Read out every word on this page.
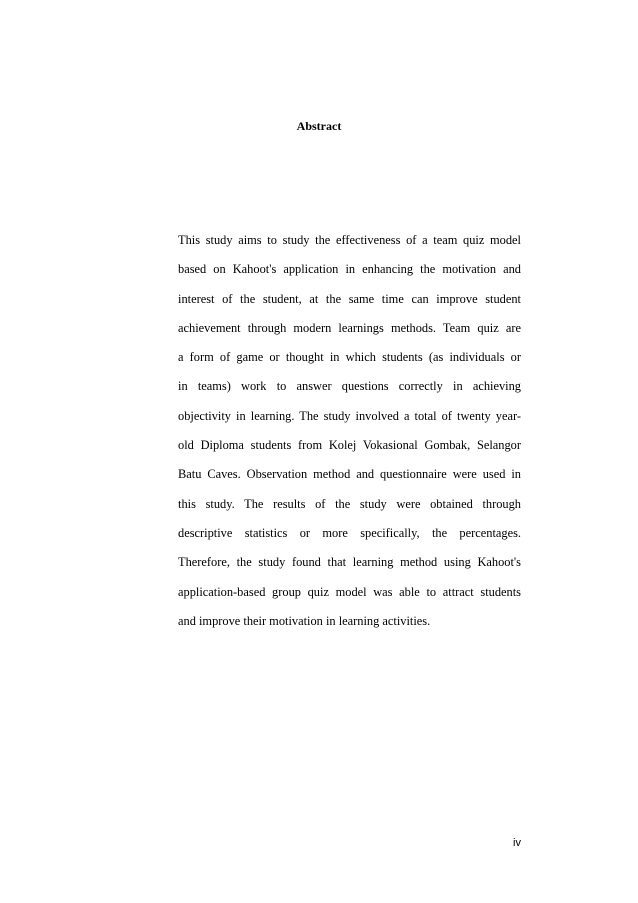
Abstract
This study aims to study the effectiveness of a team quiz model
based on Kahoot's application in enhancing the motivation and
interest of the student, at the same time can improve student
achievement through modern learnings methods. Team quiz are
a form of game or thought in which students (as individuals or
in teams) work to answer questions correctly in achieving
objectivity in learning. The study involved a total of twenty year-
old Diploma students from Kolej Vokasional Gombak, Selangor
Batu Caves. Observation method and questionnaire were used in
this study. The results of the study were obtained through
descriptive statistics or more specifically, the percentages.
Therefore, the study found that learning method using Kahoot's
application-based group quiz model was able to attract students
and improve their motivation in learning activities.
iv
